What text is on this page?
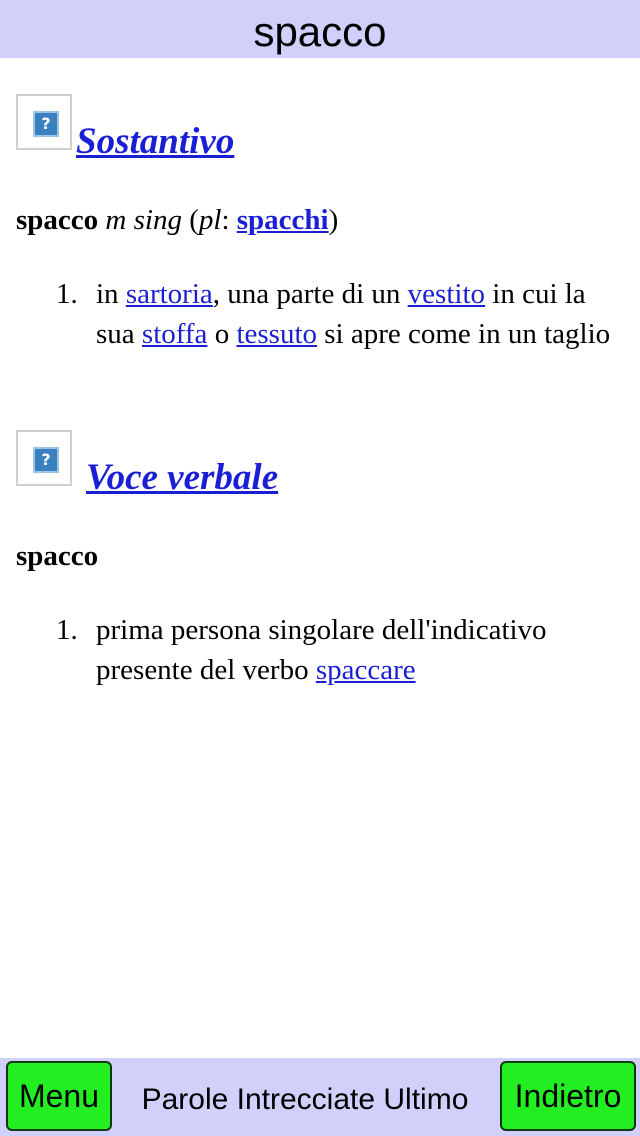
spacco
? Sostantivo
spacco m sing (pl: spacchi)
1. in sartoria, una parte di un vestito in cui la sua stoffa o tessuto si apre come in un taglio
? Voce verbale
spacco
1. prima persona singolare dell'indicativo presente del verbo spaccare
Menu	Parole Intrecciate Ultimo	Indietro
